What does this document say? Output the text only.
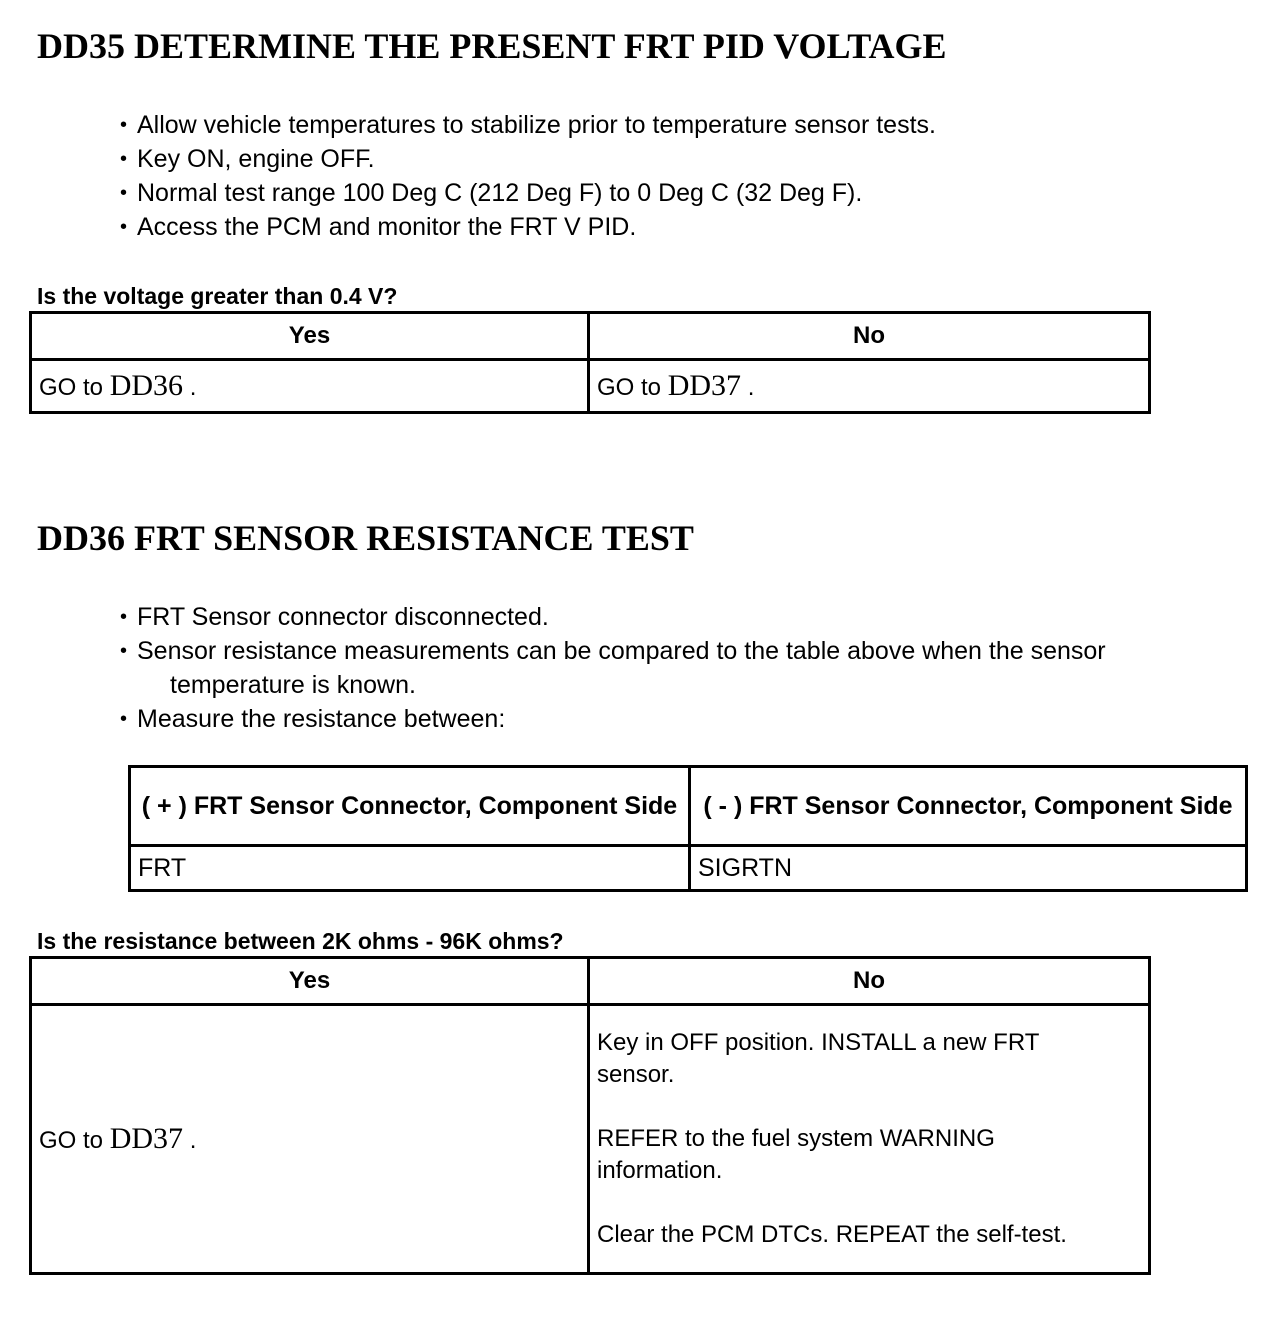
DD35 DETERMINE THE PRESENT FRT PID VOLTAGE
• Allow vehicle temperatures to stabilize prior to temperature sensor tests.
• Key ON, engine OFF.
• Normal test range 100 Deg C (212 Deg F) to 0 Deg C (32 Deg F).
• Access the PCM and monitor the FRT V PID.

Is the voltage greater than 0.4 V?

Yes	No
GO to DD36 .	GO to DD37 .
DD36 FRT SENSOR RESISTANCE TEST
• FRT Sensor connector disconnected.
• Sensor resistance measurements can be compared to the table above when the sensor
temperature is known.
• Measure the resistance between:
( + ) FRT Sensor Connector, Component Side	( - ) FRT Sensor Connector, Component Side
FRT	SIGRTN

Is the resistance between 2K ohms - 96K ohms?

Yes	No
GO to DD37 .	Key in OFF position. INSTALL a new FRT sensor.
REFER to the fuel system WARNING information.
Clear the PCM DTCs. REPEAT the self-test.
